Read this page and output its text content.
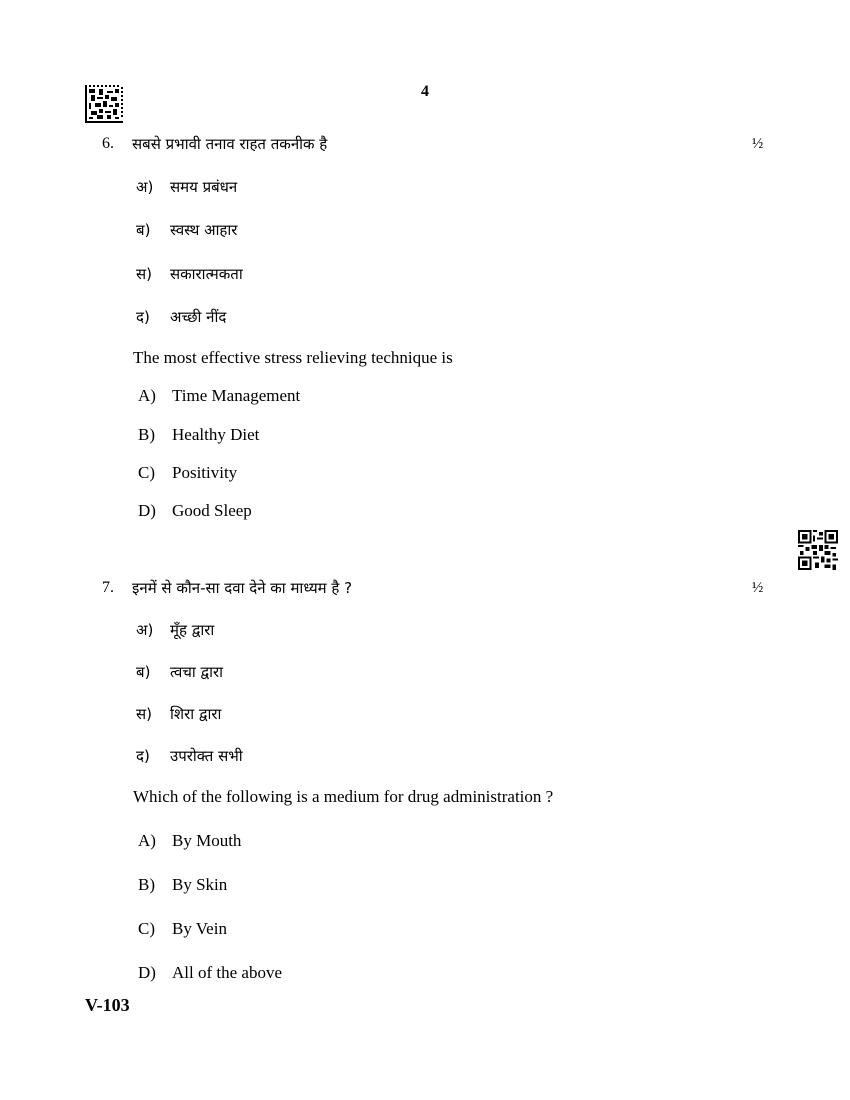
4
6. सबसे प्रभावी तनाव राहत तकनीक है	½
अ) समय प्रबंधन
ब) स्वस्थ आहार
स) सकारात्मकता
द) अच्छी नींद
The most effective stress relieving technique is
A) Time Management
B) Healthy Diet
C) Positivity
D) Good Sleep
7. इनमें से कौन-सा दवा देने का माध्यम है ?	½
अ) मूँह द्वारा
ब) त्वचा द्वारा
स) शिरा द्वारा
द) उपरोक्त सभी
Which of the following is a medium for drug administration ?
A) By Mouth
B) By Skin
C) By Vein
D) All of the above
V-103
